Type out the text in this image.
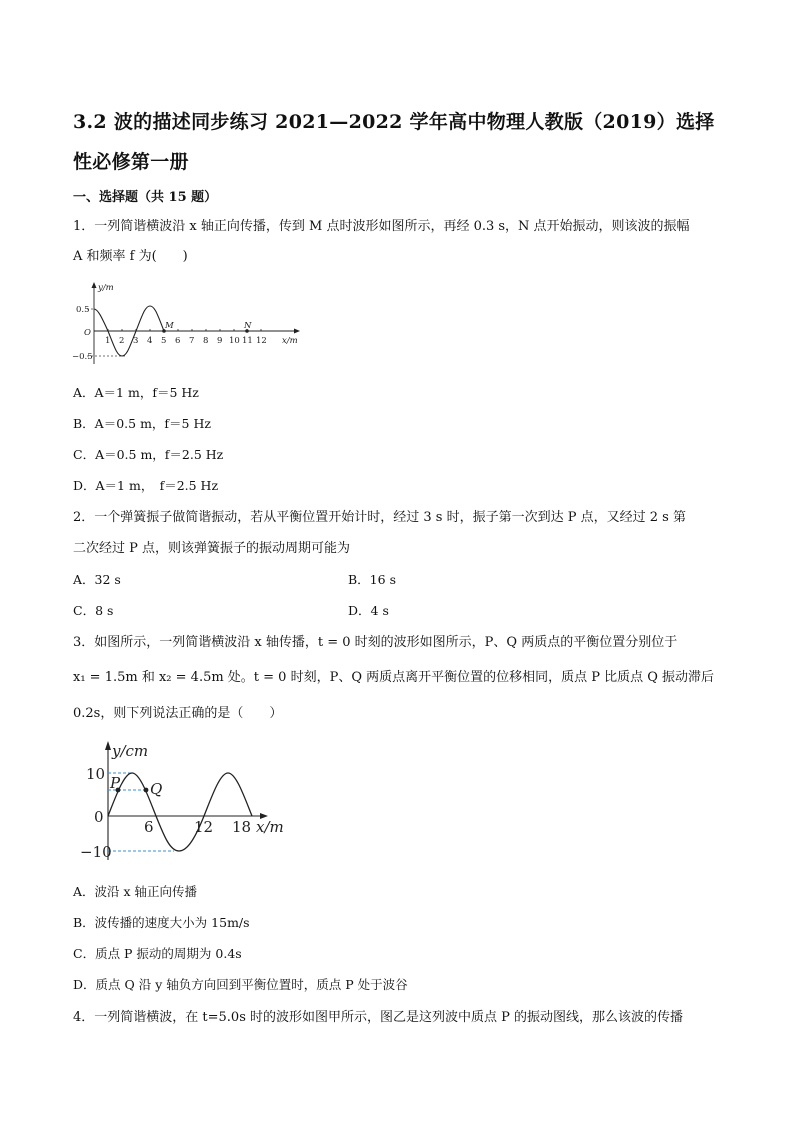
3.2 波的描述同步练习 2021—2022 学年高中物理人教版（2019）选择
性必修第一册
一、选择题（共 15 题）
1．一列简谐横波沿 x 轴正向传播，传到 M 点时波形如图所示，再经 0.3 s，N 点开始振动，则该波的振幅
A 和频率 f 为(　　)
1 2 3 4 5 6 7 8 9 10 11 12 x/m
y/m
0.5
−0.5
O
M	N
A．A＝1 m，f＝5 Hz
B．A＝0.5 m，f＝5 Hz
C．A＝0.5 m，f＝2.5 Hz
D．A＝1 m，　f＝2.5 Hz
2．一个弹簧振子做简谐振动，若从平衡位置开始计时，经过 3 s 时，振子第一次到达 P 点，又经过 2 s 第
二次经过 P 点，则该弹簧振子的振动周期可能为
A．32 s	B．16 s
C．8 s	D．4 s
3．如图所示，一列简谐横波沿 x 轴传播，t = 0 时刻的波形如图所示，P、Q 两质点的平衡位置分别位于
x₁ = 1.5m 和 x₂ = 4.5m 处。t = 0 时刻，P、Q 两质点离开平衡位置的位移相同，质点 P 比质点 Q 振动滞后
0.2s，则下列说法正确的是（　　）
y/cm
10
0
−10
6	12 18 x/m
P Q
A．波沿 x 轴正向传播
B．波传播的速度大小为 15m/s
C．质点 P 振动的周期为 0.4s
D．质点 Q 沿 y 轴负方向回到平衡位置时，质点 P 处于波谷
4．一列简谐横波，在 t=5.0s 时的波形如图甲所示，图乙是这列波中质点 P 的振动图线，那么该波的传播
